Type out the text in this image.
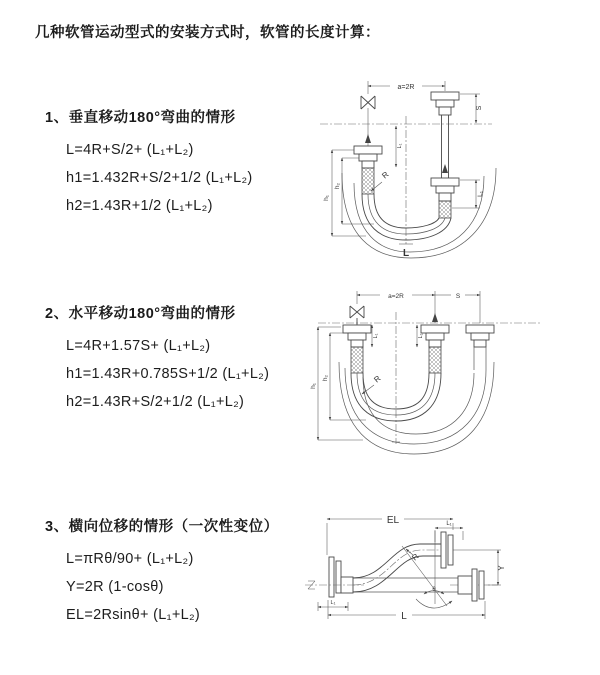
几种软管运动型式的安装方式时，软管的长度计算：
1、垂直移动180°弯曲的情形
L=4R+S/2+ (L₁+L₂)
h1=1.432R+S/2+1/2 (L₁+L₂)
h2=1.43R+1/2 (L₁+L₂)
a=2R
R
L
h₁
h₂
S
L₁
L₁
2、水平移动180°弯曲的情形
L=4R+1.57S+ (L₁+L₂)
h1=1.43R+0.785S+1/2 (L₁+L₂)
h2=1.43R+S/2+1/2 (L₁+L₂)
a=2R	S
R
h₁
h₂
L₁	L₁
3、横向位移的情形（一次性变位）
L=πRθ/90+ (L₁+L₂)
Y=2R (1-cosθ)
EL=2Rsinθ+ (L₁+L₂)
EL	L₁
Y
θ
R
L₁
L
